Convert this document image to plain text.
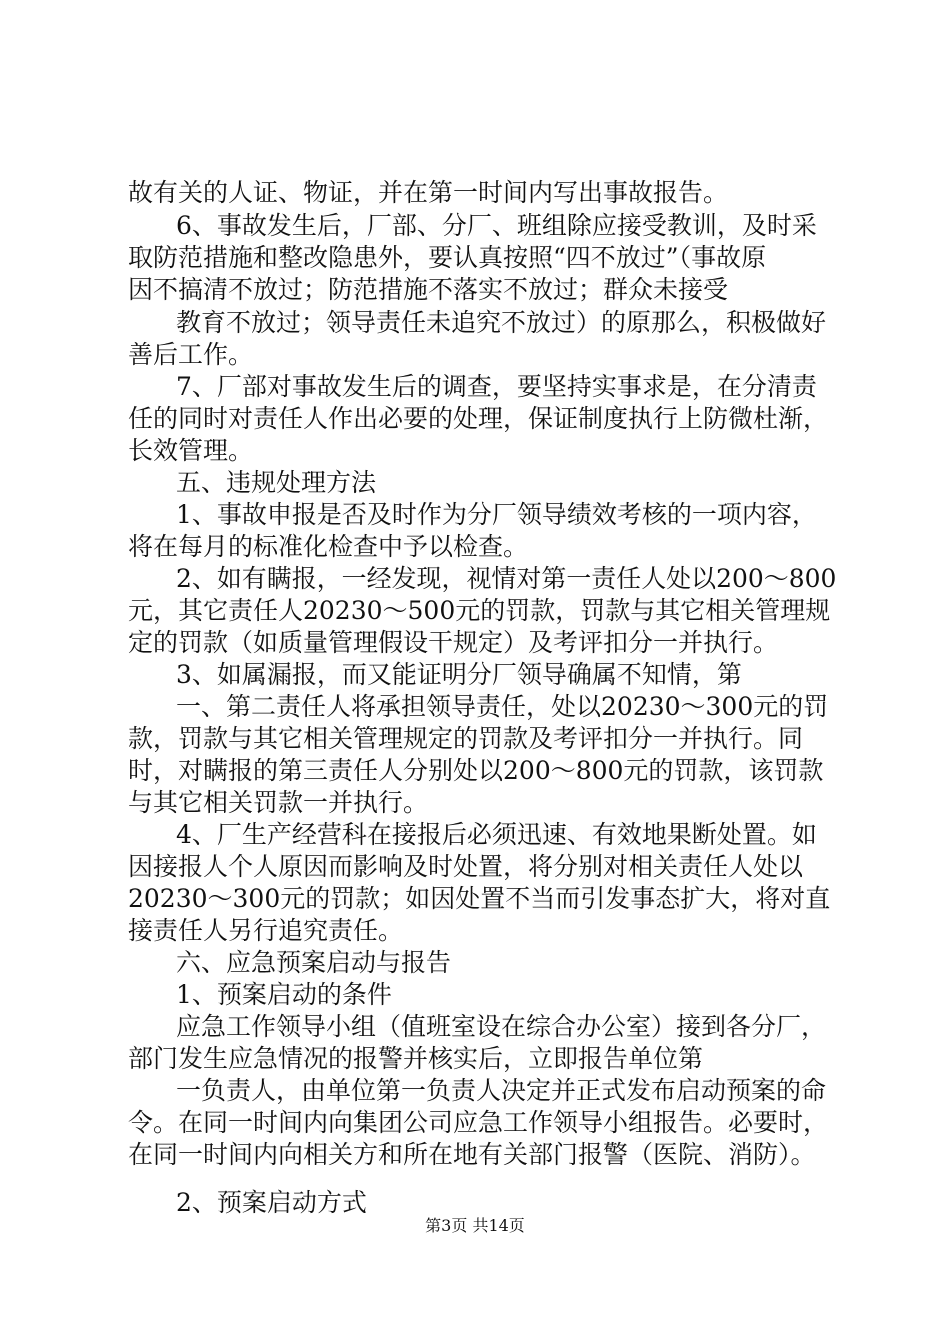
故有关的人证、物证，并在第一时间内写出事故报告。
6、事故发生后，厂部、分厂、班组除应接受教训，及时采
取防范措施和整改隐患外，要认真按照“四不放过”（事故原
因不搞清不放过；防范措施不落实不放过；群众未接受
教育不放过；领导责任未追究不放过）的原那么，积极做好
善后工作。
7、厂部对事故发生后的调查，要坚持实事求是，在分清责
任的同时对责任人作出必要的处理，保证制度执行上防微杜渐，
长效管理。
五、违规处理方法
1、事故申报是否及时作为分厂领导绩效考核的一项内容，
将在每月的标准化检查中予以检查。
2、如有瞒报，一经发现，视情对第一责任人处以200～800
元，其它责任人20230～500元的罚款，罚款与其它相关管理规
定的罚款（如质量管理假设干规定）及考评扣分一并执行。
3、如属漏报，而又能证明分厂领导确属不知情，第
一、第二责任人将承担领导责任，处以20230～300元的罚
款，罚款与其它相关管理规定的罚款及考评扣分一并执行。同
时，对瞒报的第三责任人分别处以200～800元的罚款，该罚款
与其它相关罚款一并执行。
4、厂生产经营科在接报后必须迅速、有效地果断处置。如
因接报人个人原因而影响及时处置，将分别对相关责任人处以
20230～300元的罚款；如因处置不当而引发事态扩大，将对直
接责任人另行追究责任。
六、应急预案启动与报告
1、预案启动的条件
应急工作领导小组（值班室设在综合办公室）接到各分厂，
部门发生应急情况的报警并核实后，立即报告单位第
一负责人，由单位第一负责人决定并正式发布启动预案的命
令。在同一时间内向集团公司应急工作领导小组报告。必要时，
在同一时间内向相关方和所在地有关部门报警（医院、消防）。
2、预案启动方式
第3页 共14页
